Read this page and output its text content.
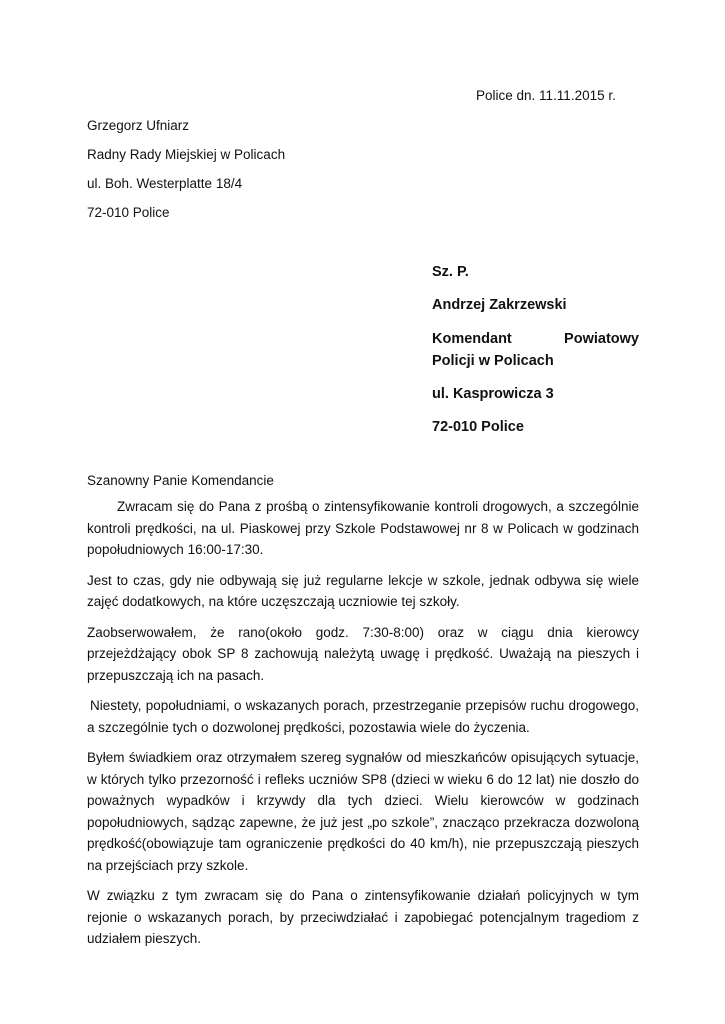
Police dn. 11.11.2015 r.
Grzegorz Ufniarz
Radny Rady Miejskiej w Policach
ul. Boh. Westerplatte 18/4
72-010 Police
Sz. P.
Andrzej Zakrzewski
Komendant Powiatowy
Policji w Policach
ul. Kasprowicza 3
72-010 Police
Szanowny Panie Komendancie

Zwracam się do Pana z prośbą o zintensyfikowanie kontroli drogowych, a szczególnie kontroli prędkości, na ul. Piaskowej przy Szkole Podstawowej nr 8 w Policach w godzinach popołudniowych 16:00-17:30.

Jest to czas, gdy nie odbywają się już regularne lekcje w szkole, jednak odbywa się wiele zajęć dodatkowych, na które uczęszczają uczniowie tej szkoły.

Zaobserwowałem, że rano(około godz. 7:30-8:00) oraz w ciągu dnia kierowcy przejeżdżający obok SP 8 zachowują należytą uwagę i prędkość. Uważają na pieszych i przepuszczają ich na pasach.

Niestety, popołudniami, o wskazanych porach, przestrzeganie przepisów ruchu drogowego, a szczególnie tych o dozwolonej prędkości, pozostawia wiele do życzenia.

Byłem świadkiem oraz otrzymałem szereg sygnałów od mieszkańców opisujących sytuacje, w których tylko przezorność i refleks uczniów SP8 (dzieci w wieku 6 do 12 lat) nie doszło do poważnych wypadków i krzywdy dla tych dzieci. Wielu kierowców w godzinach popołudniowych, sądząc zapewne, że już jest „po szkole”, znacząco przekracza dozwoloną prędkość(obowiązuje tam ograniczenie prędkości do 40 km/h), nie przepuszczają pieszych na przejściach przy szkole.

W związku z tym zwracam się do Pana o zintensyfikowanie działań policyjnych w tym rejonie o wskazanych porach, by przeciwdziałać i zapobiegać potencjalnym tragediom z udziałem pieszych.
